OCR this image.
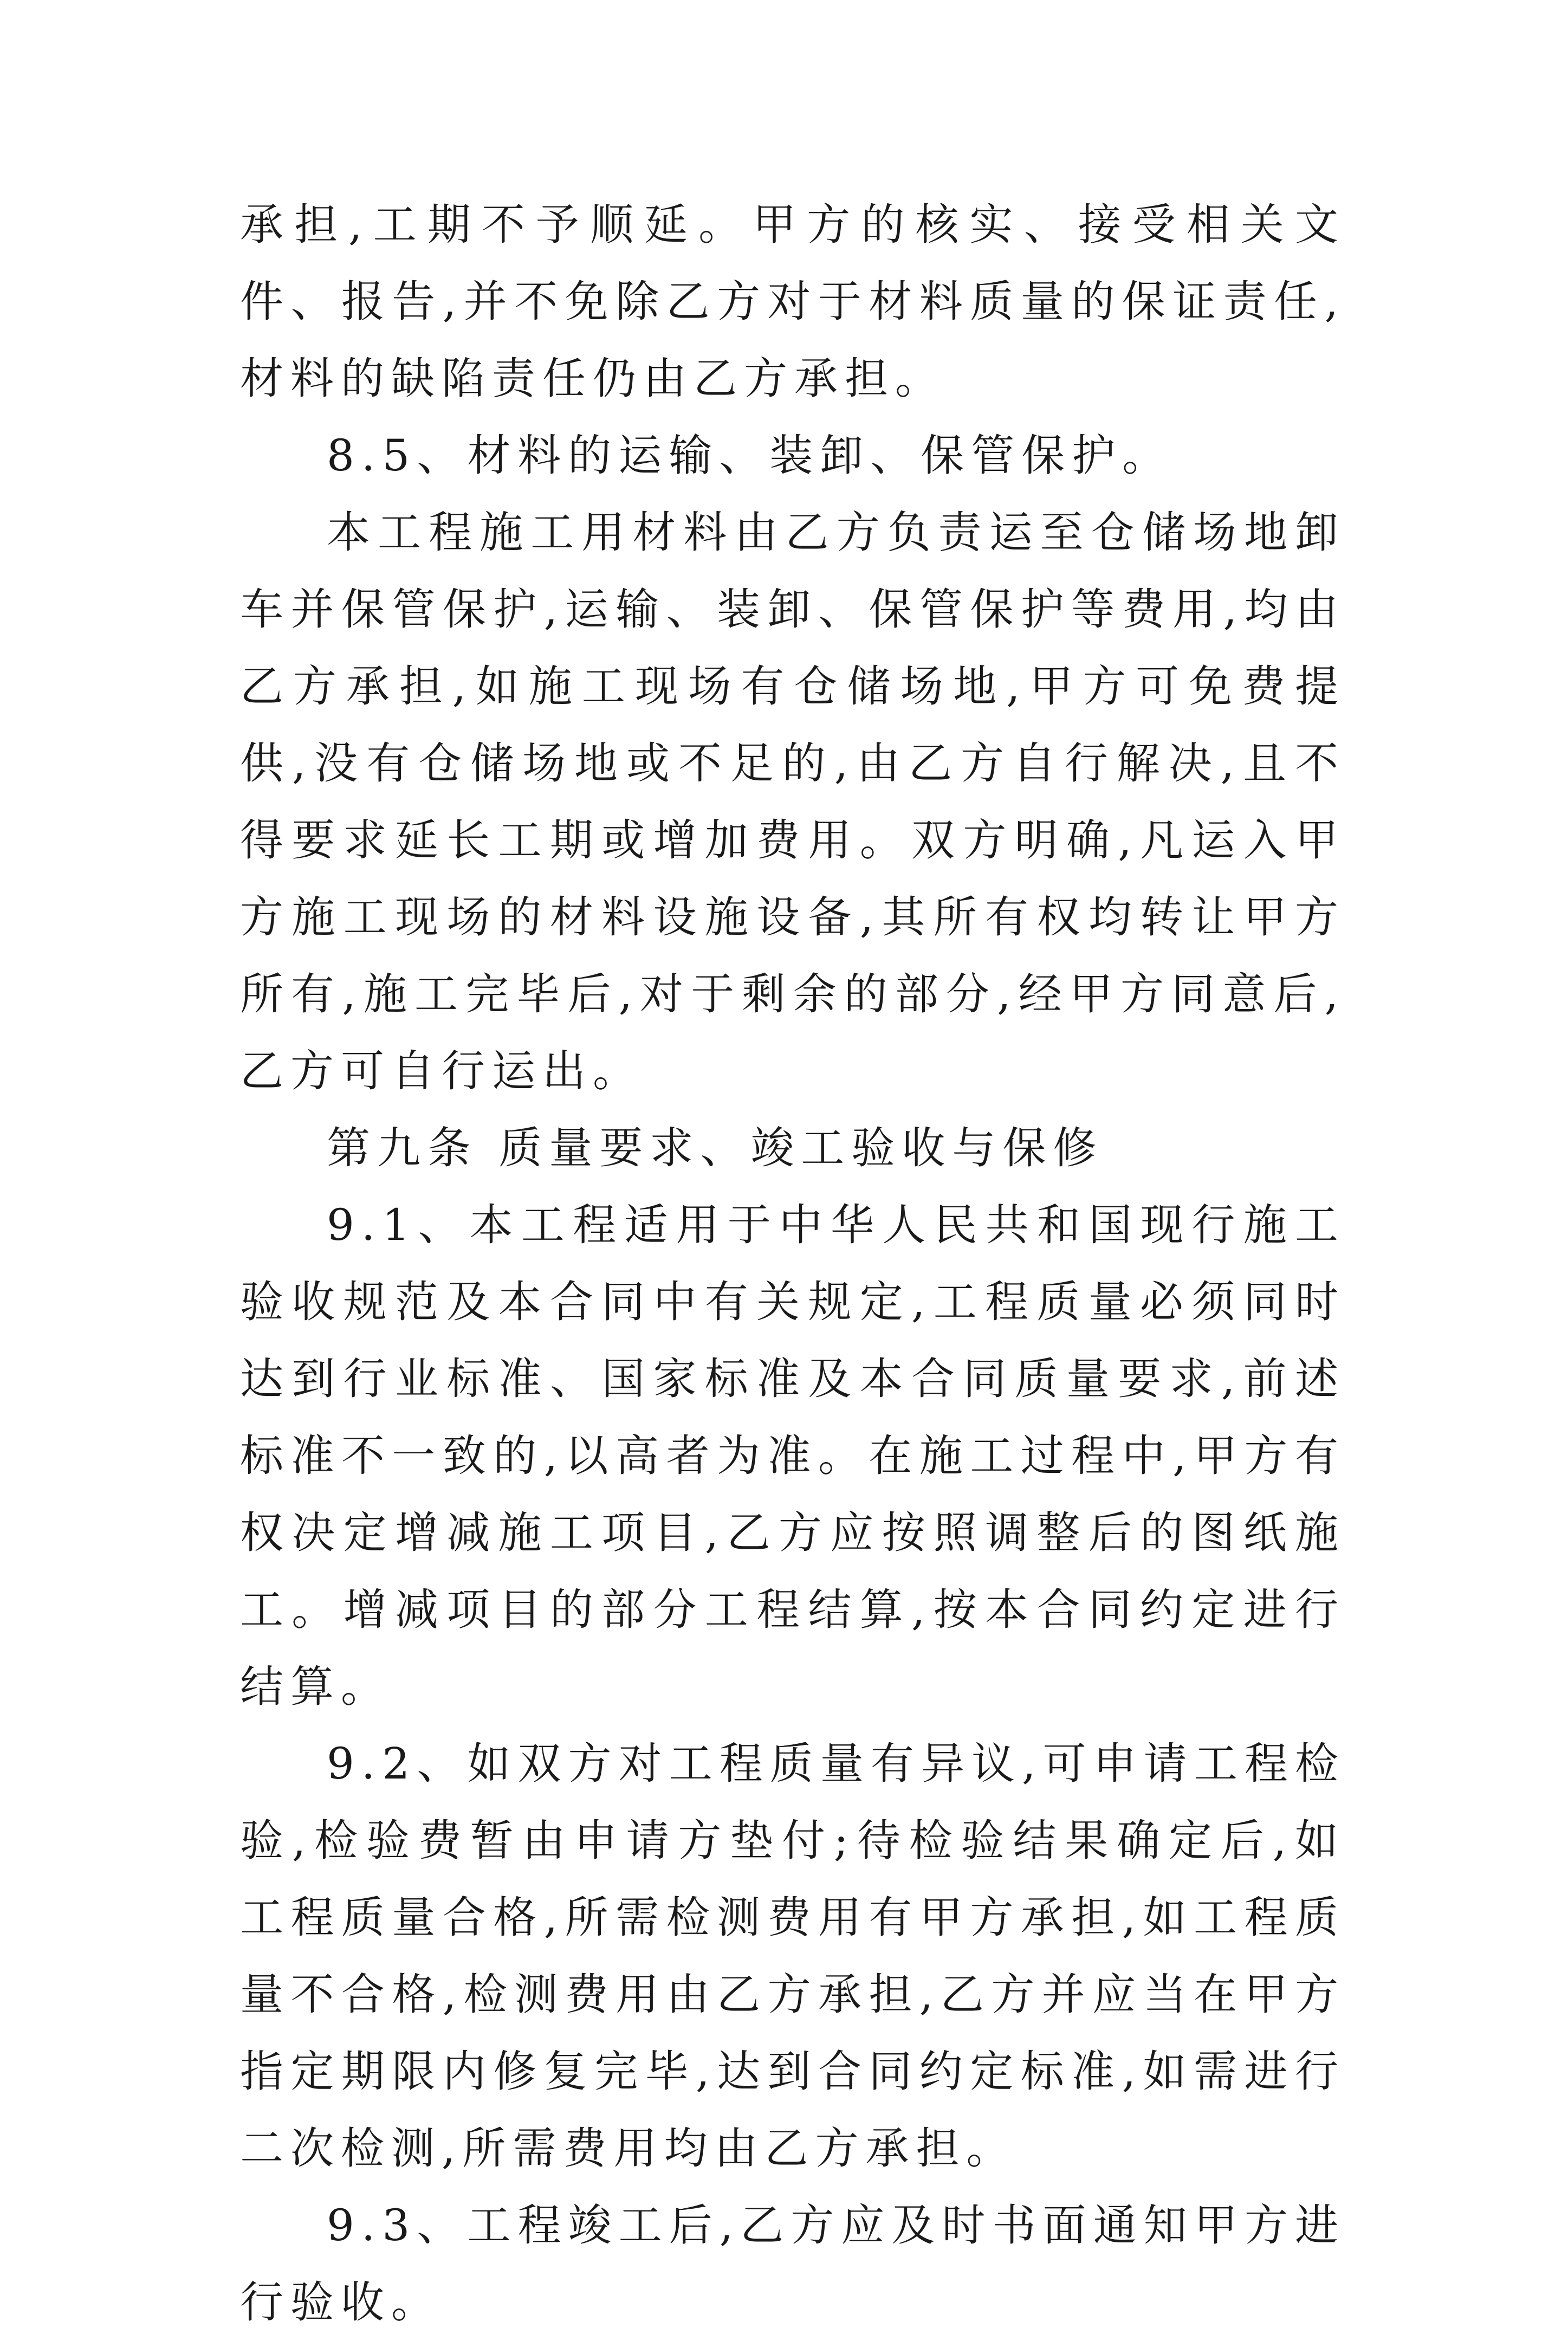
承担,工期不予顺延。甲方的核实、接受相关文件、报告,并不免除乙方对于材料质量的保证责任,材料的缺陷责任仍由乙方承担。

8.5、材料的运输、装卸、保管保护。

本工程施工用材料由乙方负责运至仓储场地卸车并保管保护,运输、装卸、保管保护等费用,均由乙方承担,如施工现场有仓储场地,甲方可免费提供,没有仓储场地或不足的,由乙方自行解决,且不得要求延长工期或增加费用。双方明确,凡运入甲方施工现场的材料设施设备,其所有权均转让甲方所有,施工完毕后,对于剩余的部分,经甲方同意后,乙方可自行运出。

第九条 质量要求、竣工验收与保修

9.1、本工程适用于中华人民共和国现行施工验收规范及本合同中有关规定,工程质量必须同时达到行业标准、国家标准及本合同质量要求,前述标准不一致的,以高者为准。在施工过程中,甲方有权决定增减施工项目,乙方应按照调整后的图纸施工。增减项目的部分工程结算,按本合同约定进行结算。

9.2、如双方对工程质量有异议,可申请工程检验,检验费暂由申请方垫付;待检验结果确定后,如工程质量合格,所需检测费用有甲方承担,如工程质量不合格,检测费用由乙方承担,乙方并应当在甲方指定期限内修复完毕,达到合同约定标准,如需进行二次检测,所需费用均由乙方承担。

9.3、工程竣工后,乙方应及时书面通知甲方进行验收。
